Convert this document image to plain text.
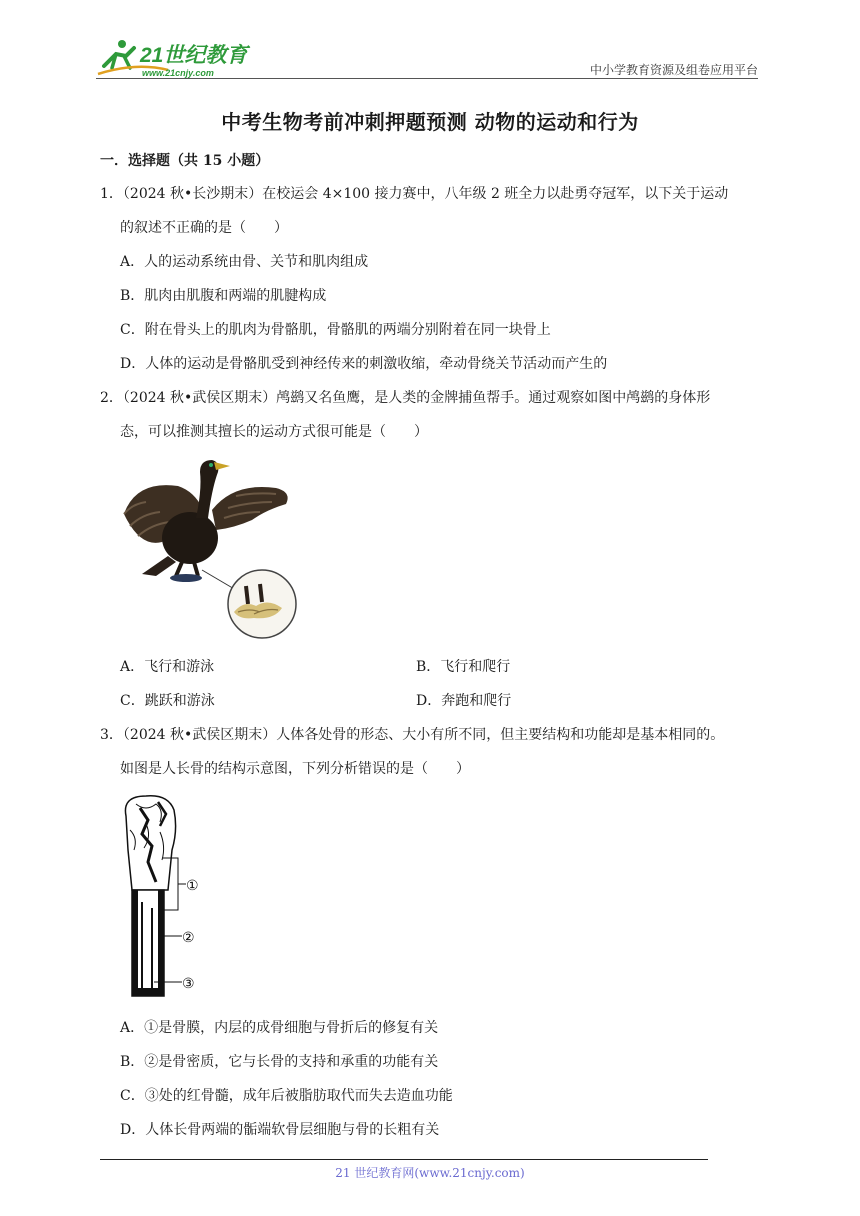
21世纪教育
www.21cnjy.com	中小学教育资源及组卷应用平台
中考生物考前冲刺押题预测 动物的运动和行为
一．选择题（共 15 小题）
1．（2024 秋•长沙期末）在校运会 4×100 接力赛中，八年级 2 班全力以赴勇夺冠军，以下关于运动
的叙述不正确的是（　　）
A．人的运动系统由骨、关节和肌肉组成
B．肌肉由肌腹和两端的肌腱构成
C．附在骨头上的肌肉为骨骼肌，骨骼肌的两端分别附着在同一块骨上
D．人体的运动是骨骼肌受到神经传来的刺激收缩，牵动骨绕关节活动而产生的
2．（2024 秋•武侯区期末）鸬鹚又名鱼鹰，是人类的金牌捕鱼帮手。通过观察如图中鸬鹚的身体形
态，可以推测其擅长的运动方式很可能是（　　）
A．飞行和游泳	B．飞行和爬行
C．跳跃和游泳	D．奔跑和爬行
3．（2024 秋•武侯区期末）人体各处骨的形态、大小有所不同，但主要结构和功能却是基本相同的。
如图是人长骨的结构示意图，下列分析错误的是（　　）
①
②
③
A．①是骨膜，内层的成骨细胞与骨折后的修复有关
B．②是骨密质，它与长骨的支持和承重的功能有关
C．③处的红骨髓，成年后被脂肪取代而失去造血功能
D．人体长骨两端的骺端软骨层细胞与骨的长粗有关
21 世纪教育网(www.21cnjy.com)
